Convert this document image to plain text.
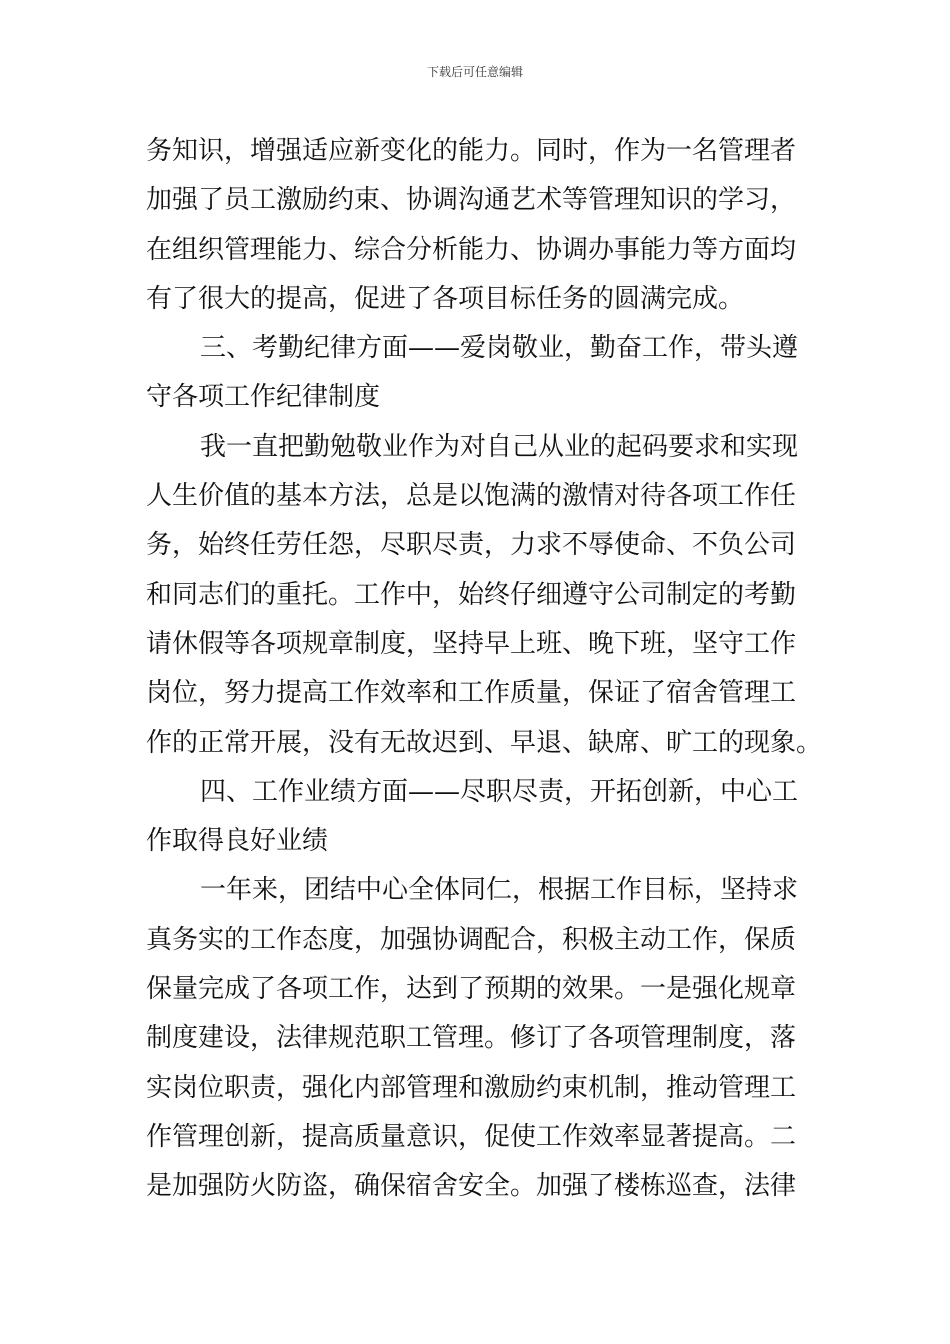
下载后可任意编辑
务知识，增强适应新变化的能力。同时，作为一名管理者
加强了员工激励约束、协调沟通艺术等管理知识的学习，
在组织管理能力、综合分析能力、协调办事能力等方面均
有了很大的提高，促进了各项目标任务的圆满完成。
三、考勤纪律方面——爱岗敬业，勤奋工作，带头遵
守各项工作纪律制度
我一直把勤勉敬业作为对自己从业的起码要求和实现
人生价值的基本方法，总是以饱满的激情对待各项工作任
务，始终任劳任怨，尽职尽责，力求不辱使命、不负公司
和同志们的重托。工作中，始终仔细遵守公司制定的考勤
请休假等各项规章制度，坚持早上班、晚下班，坚守工作
岗位，努力提高工作效率和工作质量，保证了宿舍管理工
作的正常开展，没有无故迟到、早退、缺席、旷工的现象。
四、工作业绩方面——尽职尽责，开拓创新，中心工
作取得良好业绩
一年来，团结中心全体同仁，根据工作目标，坚持求
真务实的工作态度，加强协调配合，积极主动工作，保质
保量完成了各项工作，达到了预期的效果。一是强化规章
制度建设，法律规范职工管理。修订了各项管理制度，落
实岗位职责，强化内部管理和激励约束机制，推动管理工
作管理创新，提高质量意识，促使工作效率显著提高。二
是加强防火防盗，确保宿舍安全。加强了楼栋巡查，法律
